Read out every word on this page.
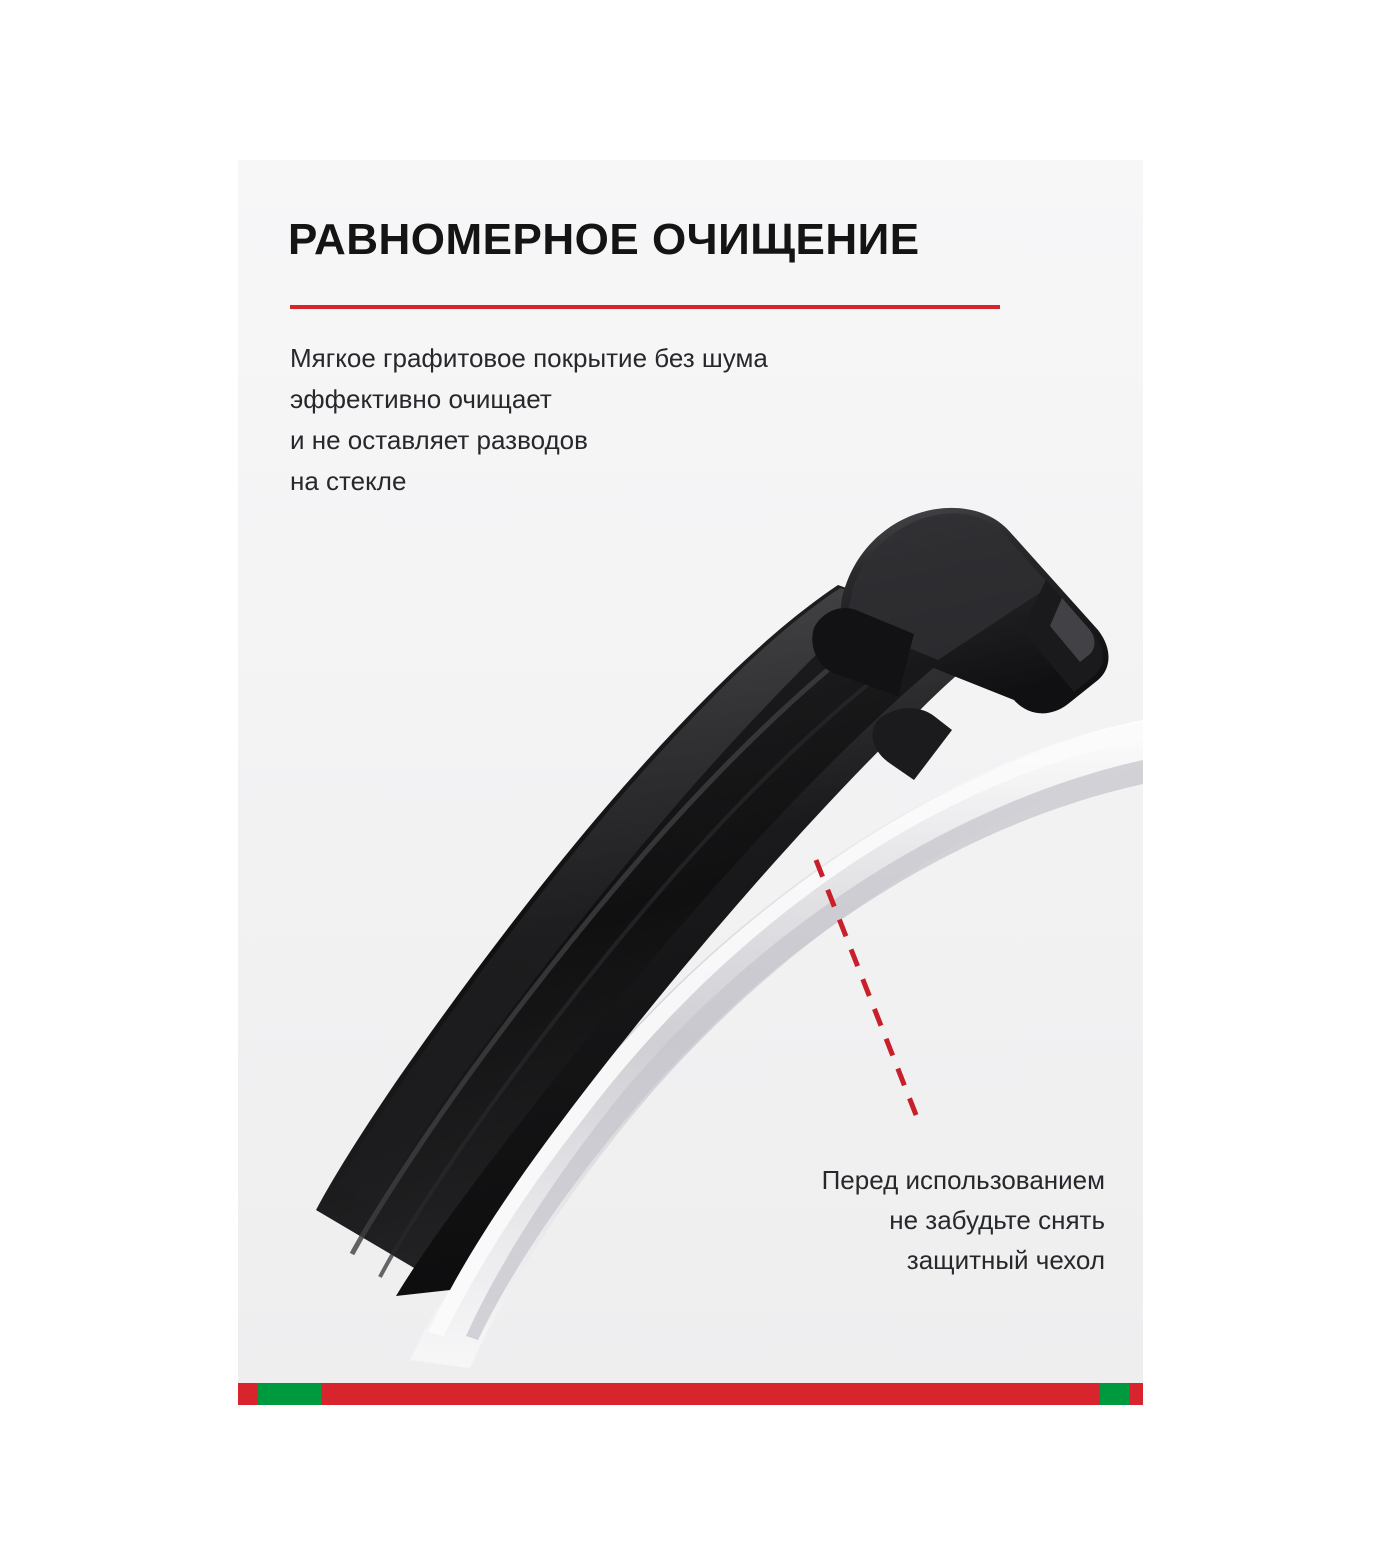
РАВНОМЕРНОЕ ОЧИЩЕНИЕ
Мягкое графитовое покрытие без шума
эффективно очищает
и не оставляет разводов
на стекле
Перед использованием
не забудьте снять
защитный чехол
